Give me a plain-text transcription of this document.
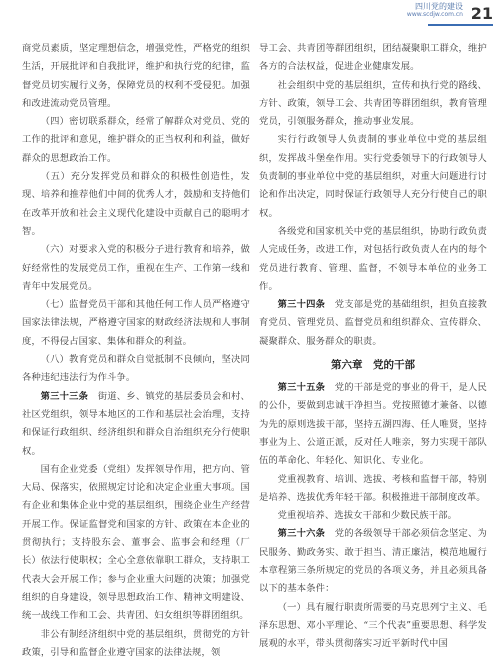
四川党的建设
www.scdjw.com.cn 21

商党员素质，坚定理想信念，增强党性，严格党的组织生活，开展批评和自我批评，维护和执行党的纪律，监督党员切实履行义务，保障党员的权利不受侵犯。加强和改进流动党员管理。

（四）密切联系群众，经常了解群众对党员、党的工作的批评和意见，维护群众的正当权利和利益，做好群众的思想政治工作。

（五）充分发挥党员和群众的积极性创造性，发现、培养和推荐他们中间的优秀人才，鼓励和支持他们在改革开放和社会主义现代化建设中贡献自己的聪明才智。

（六）对要求入党的积极分子进行教育和培养，做好经常性的发展党员工作，重视在生产、工作第一线和青年中发展党员。

（七）监督党员干部和其他任何工作人员严格遵守国家法律法规，严格遵守国家的财政经济法规和人事制度，不得侵占国家、集体和群众的利益。

（八）教育党员和群众自觉抵制不良倾向，坚决同各种违纪违法行为作斗争。

第三十三条　 街道、乡、镇党的基层委员会和村、社区党组织，领导本地区的工作和基层社会治理，支持和保证行政组织、经济组织和群众自治组织充分行使职权。

国有企业党委（党组）发挥领导作用，把方向、管大局、保落实，依照规定讨论和决定企业重大事项。国有企业和集体企业中党的基层组织，围绕企业生产经营开展工作。保证监督党和国家的方针、政策在本企业的贯彻执行；支持股东会、董事会、监事会和经理（厂长）依法行使职权；全心全意依靠职工群众，支持职工代表大会开展工作；参与企业重大问题的决策；加强党组织的自身建设，领导思想政治工作、精神文明建设、统一战线工作和工会、共青团、妇女组织等群团组织。

非公有制经济组织中党的基层组织，贯彻党的方针政策，引导和监督企业遵守国家的法律法规，领

导工会、共青团等群团组织，团结凝聚职工群众，维护各方的合法权益，促进企业健康发展。

社会组织中党的基层组织，宣传和执行党的路线、方针、政策，领导工会、共青团等群团组织，教育管理党员，引领服务群众，推动事业发展。

实行行政领导人负责制的事业单位中党的基层组织，发挥战斗堡垒作用。实行党委领导下的行政领导人负责制的事业单位中党的基层组织，对重大问题进行讨论和作出决定，同时保证行政领导人充分行使自己的职权。

各级党和国家机关中党的基层组织，协助行政负责人完成任务，改进工作，对包括行政负责人在内的每个党员进行教育、管理、监督，不领导本单位的业务工作。

第三十四条　 党支部是党的基础组织，担负直接教育党员、管理党员、监督党员和组织群众、宣传群众、凝聚群众、服务群众的职责。

第六章　党的干部

第三十五条　 党的干部是党的事业的骨干，是人民的公仆，要做到忠诚干净担当。党按照德才兼备、以德为先的原则选拔干部，坚持五湖四海、任人唯贤，坚持事业为上、公道正派，反对任人唯亲，努力实现干部队伍的革命化、年轻化、知识化、专业化。

党重视教育、培训、选拔、考核和监督干部，特别是培养、选拔优秀年轻干部。积极推进干部制度改革。

党重视培养、选拔女干部和少数民族干部。

第三十六条　 党的各级领导干部必须信念坚定、为民服务、勤政务实、敢于担当、清正廉洁，模范地履行本章程第三条所规定的党员的各项义务，并且必须具备以下的基本条件：

（一）具有履行职责所需要的马克思列宁主义、毛泽东思想、邓小平理论、“三个代表”重要思想、科学发展观的水平，带头贯彻落实习近平新时代中国
